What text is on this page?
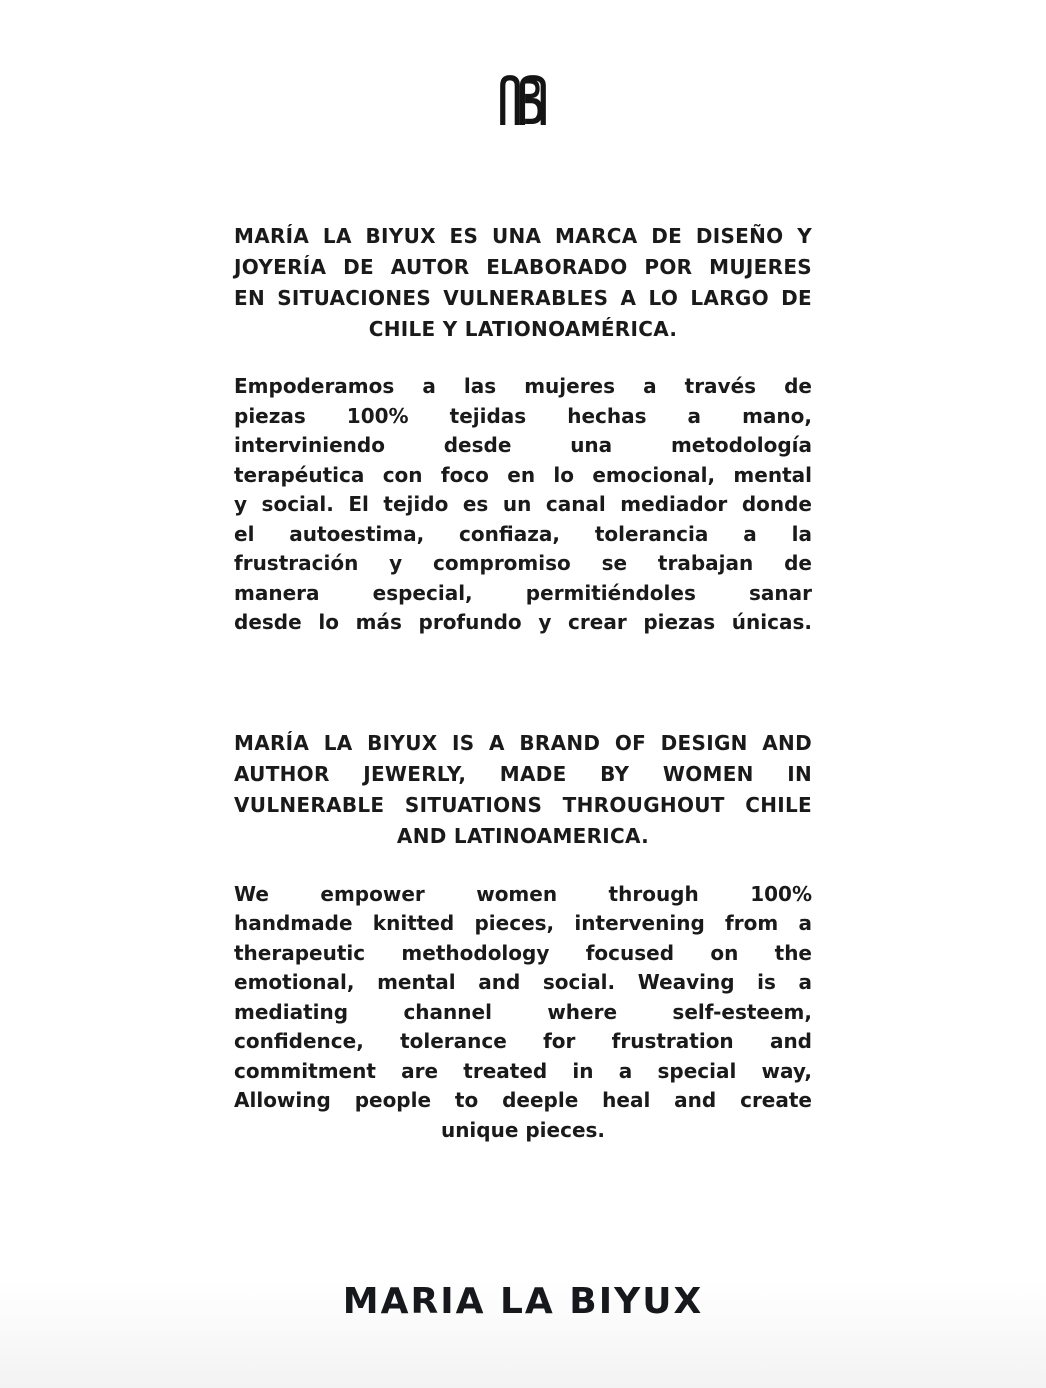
MARÍA LA BIYUX ES UNA MARCA DE DISEÑO Y
JOYERÍA DE AUTOR ELABORADO POR MUJERES
EN SITUACIONES VULNERABLES A LO LARGO DE
CHILE Y LATIONOAMÉRICA.
Empoderamos a las mujeres a través de
piezas 100% tejidas hechas a mano,
interviniendo desde una metodología
terapéutica con foco en lo emocional, mental
y social. El tejido es un canal mediador donde
el autoestima, confiaza, tolerancia a la
frustración y compromiso se trabajan de
manera especial, permitiéndoles sanar
desde lo más profundo y crear piezas únicas.
MARÍA LA BIYUX IS A BRAND OF DESIGN AND
AUTHOR JEWERLY, MADE BY WOMEN IN
VULNERABLE SITUATIONS THROUGHOUT CHILE
AND LATINOAMERICA.
We empower women through 100%
handmade knitted pieces, intervening from a
therapeutic methodology focused on the
emotional, mental and social. Weaving is a
mediating channel where self-esteem,
confidence, tolerance for frustration and
commitment are treated in a special way,
Allowing people to deeple heal and create
unique pieces.
MARIA LA BIYUX
